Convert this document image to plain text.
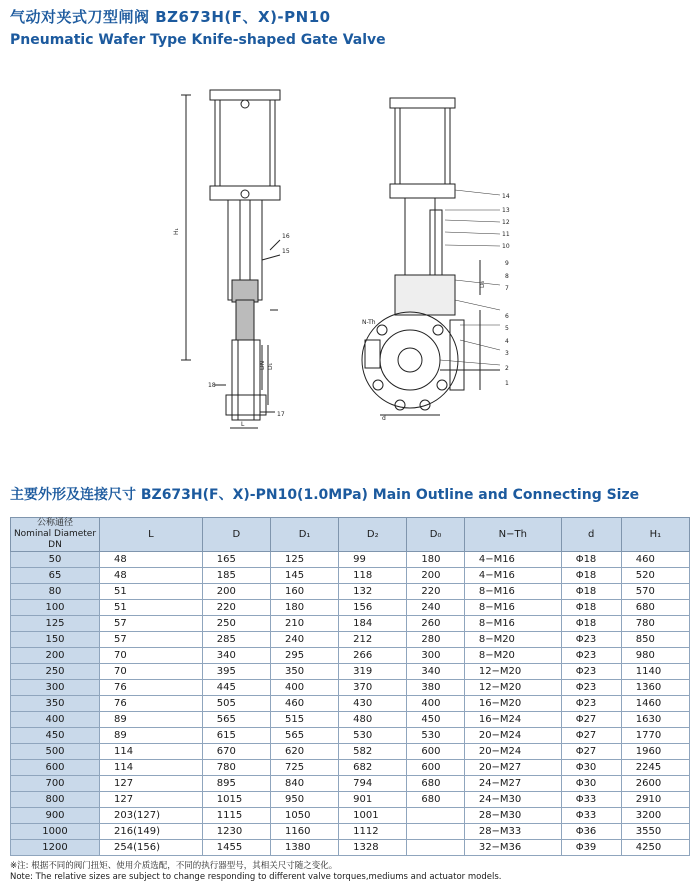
气动对夹式刀型闸阀 BZ673H(F、X)-PN10
Pneumatic Wafer Type Knife-shaped Gate Valve
16
15
18
17
14
13
12
11
10
9
8
7
6
5
4
3
2
1
H₁
DN D₁
L
N-Th
d
D₀
主要外形及连接尺寸 BZ673H(F、X)-PN10(1.0MPa) Main Outline and Connecting Size
公称通径
Nominal Diameter
DN	L	D	D₁	D₂	D₀	N−Th	d	H₁
50	48	165	125	99	180	4−M16	Φ18	460
65	48	185	145	118	200	4−M16	Φ18	520
80	51	200	160	132	220	8−M16	Φ18	570
100	51	220	180	156	240	8−M16	Φ18	680
125	57	250	210	184	260	8−M16	Φ18	780
150	57	285	240	212	280	8−M20	Φ23	850
200	70	340	295	266	300	8−M20	Φ23	980
250	70	395	350	319	340	12−M20	Φ23	1140
300	76	445	400	370	380	12−M20	Φ23	1360
350	76	505	460	430	400	16−M20	Φ23	1460
400	89	565	515	480	450	16−M24	Φ27	1630
450	89	615	565	530	530	20−M24	Φ27	1770
500	114	670	620	582	600	20−M24	Φ27	1960
600	114	780	725	682	600	20−M27	Φ30	2245
700	127	895	840	794	680	24−M27	Φ30	2600
800	127	1015	950	901	680	24−M30	Φ33	2910
900	203(127)	1115	1050	1001		28−M30	Φ33	3200
1000	216(149)	1230	1160	1112		28−M33	Φ36	3550
1200	254(156)	1455	1380	1328		32−M36	Φ39	4250
※注: 根据不同的阀门扭矩、使用介质选配，不同的执行器型号，其相关尺寸随之变化。
Note: The relative sizes are subject to change responding to different valve torques,mediums and actuator models.
